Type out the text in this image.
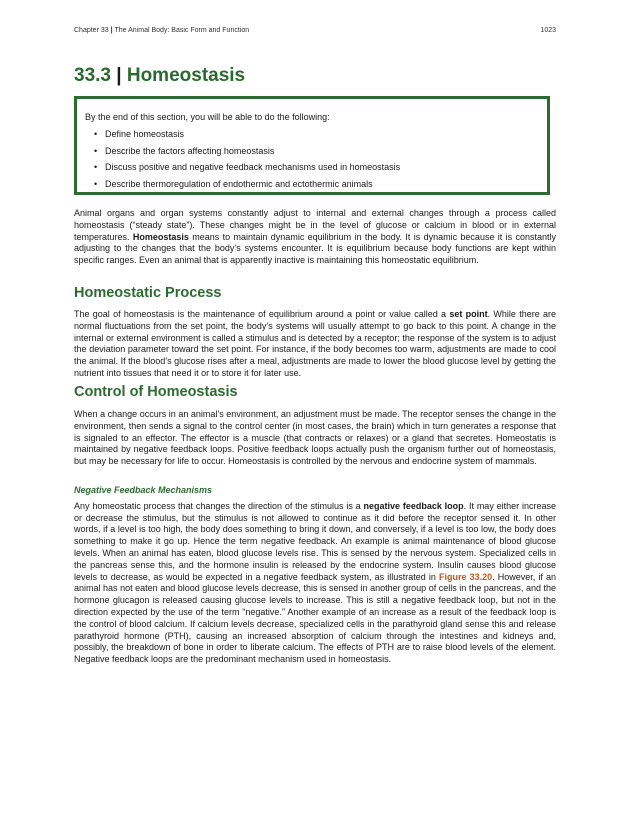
Chapter 33 | The Animal Body: Basic Form and Function	1023
33.3 | Homeostasis

By the end of this section, you will be able to do the following:

• Define homeostasis
• Describe the factors affecting homeostasis
• Discuss positive and negative feedback mechanisms used in homeostasis
• Describe thermoregulation of endothermic and ectothermic animals

Animal organs and organ systems constantly adjust to internal and external changes through a process called homeostasis (“steady state”). These changes might be in the level of glucose or calcium in blood or in external temperatures. Homeostasis means to maintain dynamic equilibrium in the body. It is dynamic because it is constantly adjusting to the changes that the body’s systems encounter. It is equilibrium because body functions are kept within specific ranges. Even an animal that is apparently inactive is maintaining this homeostatic equilibrium.

Homeostatic Process

The goal of homeostasis is the maintenance of equilibrium around a point or value called a set point. While there are normal fluctuations from the set point, the body’s systems will usually attempt to go back to this point. A change in the internal or external environment is called a stimulus and is detected by a receptor; the response of the system is to adjust the deviation parameter toward the set point. For instance, if the body becomes too warm, adjustments are made to cool the animal. If the blood’s glucose rises after a meal, adjustments are made to lower the blood glucose level by getting the nutrient into tissues that need it or to store it for later use.

Control of Homeostasis

When a change occurs in an animal’s environment, an adjustment must be made. The receptor senses the change in the environment, then sends a signal to the control center (in most cases, the brain) which in turn generates a response that is signaled to an effector. The effector is a muscle (that contracts or relaxes) or a gland that secretes. Homeostatis is maintained by negative feedback loops. Positive feedback loops actually push the organism further out of homeostasis, but may be necessary for life to occur. Homeostasis is controlled by the nervous and endocrine system of mammals.

Negative Feedback Mechanisms

Any homeostatic process that changes the direction of the stimulus is a negative feedback loop. It may either increase or decrease the stimulus, but the stimulus is not allowed to continue as it did before the receptor sensed it. In other words, if a level is too high, the body does something to bring it down, and conversely, if a level is too low, the body does something to make it go up. Hence the term negative feedback. An example is animal maintenance of blood glucose levels. When an animal has eaten, blood glucose levels rise. This is sensed by the nervous system. Specialized cells in the pancreas sense this, and the hormone insulin is released by the endocrine system. Insulin causes blood glucose levels to decrease, as would be expected in a negative feedback system, as illustrated in Figure 33.20. However, if an animal has not eaten and blood glucose levels decrease, this is sensed in another group of cells in the pancreas, and the hormone glucagon is released causing glucose levels to increase. This is still a negative feedback loop, but not in the direction expected by the use of the term “negative.” Another example of an increase as a result of the feedback loop is the control of blood calcium. If calcium levels decrease, specialized cells in the parathyroid gland sense this and release parathyroid hormone (PTH), causing an increased absorption of calcium through the intestines and kidneys and, possibly, the breakdown of bone in order to liberate calcium. The effects of PTH are to raise blood levels of the element. Negative feedback loops are the predominant mechanism used in homeostasis.
